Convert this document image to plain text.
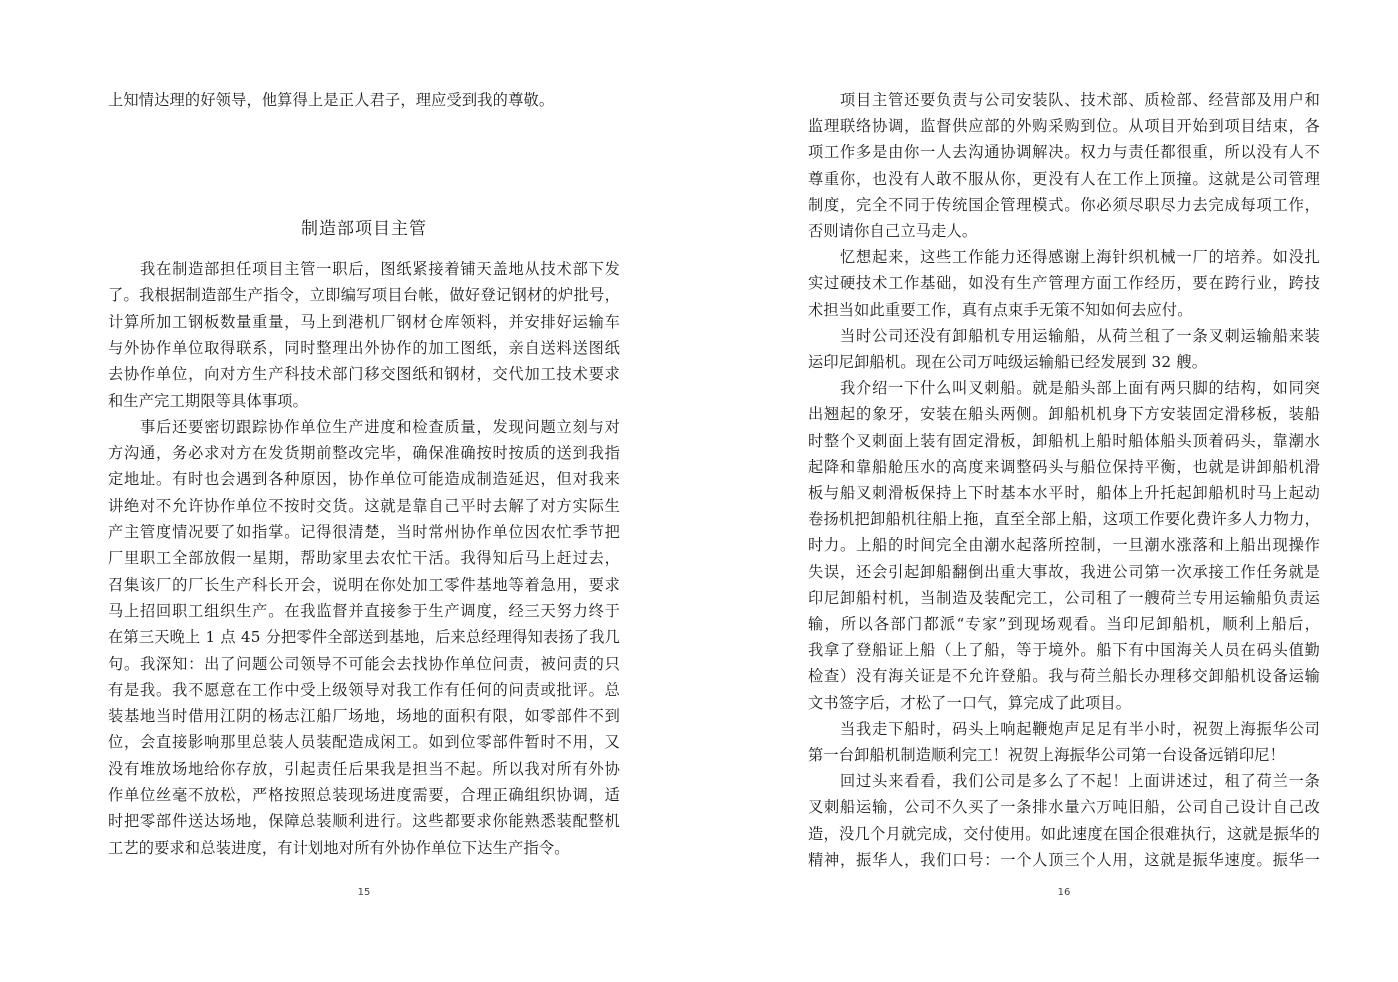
上知情达理的好领导，他算得上是正人君子，理应受到我的尊敬。
制造部项目主管
15
　　我在制造部担任项目主管一职后，图纸紧接着铺天盖地从技术部下发
了。我根据制造部生产指令，立即编写项目台帐，做好登记钢材的炉批号，
计算所加工钢板数量重量，马上到港机厂钢材仓库领料，并安排好运输车
与外协作单位取得联系，同时整理出外协作的加工图纸，亲自送料送图纸
去协作单位，向对方生产科技术部门移交图纸和钢材，交代加工技术要求
和生产完工期限等具体事项。
　　事后还要密切跟踪协作单位生产进度和检查质量，发现问题立刻与对
方沟通，务必求对方在发货期前整改完毕，确保准确按时按质的送到我指
定地址。有时也会遇到各种原因，协作单位可能造成制造延迟，但对我来
讲绝对不允许协作单位不按时交货。这就是靠自己平时去解了对方实际生
产主管度情况要了如指掌。记得很清楚，当时常州协作单位因农忙季节把
厂里职工全部放假一星期，帮助家里去农忙干活。我得知后马上赶过去，
召集该厂的厂长生产科长开会，说明在你处加工零件基地等着急用，要求
马上招回职工组织生产。在我监督并直接参于生产调度，经三天努力终于
在第三天晚上 1 点 45 分把零件全部送到基地，后来总经理得知表扬了我几
句。我深知：出了问题公司领导不可能会去找协作单位问责，被问责的只
有是我。我不愿意在工作中受上级领导对我工作有任何的问责或批评。总
装基地当时借用江阴的杨志江船厂场地，场地的面积有限，如零部件不到
位，会直接影响那里总装人员装配造成闲工。如到位零部件暂时不用，又
没有堆放场地给你存放，引起责任后果我是担当不起。所以我对所有外协
作单位丝毫不放松，严格按照总装现场进度需要，合理正确组织协调，适
时把零部件送达场地，保障总装顺利进行。这些都要求你能熟悉装配整机
工艺的要求和总装进度，有计划地对所有外协作单位下达生产指令。
16
　　项目主管还要负责与公司安装队、技术部、质检部、经营部及用户和
监理联络协调，监督供应部的外购采购到位。从项目开始到项目结束，各
项工作多是由你一人去沟通协调解决。权力与责任都很重，所以没有人不
尊重你，也没有人敢不服从你，更没有人在工作上顶撞。这就是公司管理
制度，完全不同于传统国企管理模式。你必须尽职尽力去完成每项工作，
否则请你自己立马走人。
　　忆想起来，这些工作能力还得感谢上海针织机械一厂的培养。如没扎
实过硬技术工作基础，如没有生产管理方面工作经历，要在跨行业，跨技
术担当如此重要工作，真有点束手无策不知如何去应付。
　　当时公司还没有卸船机专用运输船，从荷兰租了一条叉刺运输船来装
运印尼卸船机。现在公司万吨级运输船已经发展到 32 艘。
　　我介绍一下什么叫叉刺船。就是船头部上面有两只脚的结构，如同突
出翘起的象牙，安装在船头两侧。卸船机机身下方安装固定滑移板，装船
时整个叉刺面上装有固定滑板，卸船机上船时船体船头顶着码头，靠潮水
起降和靠船舱压水的高度来调整码头与船位保持平衡，也就是讲卸船机滑
板与船叉刺滑板保持上下时基本水平时，船体上升托起卸船机时马上起动
卷扬机把卸船机往船上拖，直至全部上船，这项工作要化费许多人力物力，
时力。上船的时间完全由潮水起落所控制，一旦潮水涨落和上船出现操作
失误，还会引起卸船翻倒出重大事故，我进公司第一次承接工作任务就是
印尼卸船村机，当制造及装配完工，公司租了一艘荷兰专用运输船负责运
输，所以各部门都派“专家”到现场观看。当印尼卸船机，顺利上船后，
我拿了登船证上船（上了船，等于境外。船下有中国海关人员在码头值勤
检查）没有海关证是不允许登船。我与荷兰船长办理移交卸船机设备运输
文书签字后，才松了一口气，算完成了此项目。
　　当我走下船时，码头上响起鞭炮声足足有半小时，祝贺上海振华公司
第一台卸船机制造顺利完工！祝贺上海振华公司第一台设备远销印尼！
　　回过头来看看，我们公司是多么了不起！上面讲述过，租了荷兰一条
叉刺船运输，公司不久买了一条排水量六万吨旧船，公司自己设计自己改
造，没几个月就完成，交付使用。如此速度在国企很难执行，这就是振华的
精神，振华人，我们口号：一个人顶三个人用，这就是振华速度。振华一
